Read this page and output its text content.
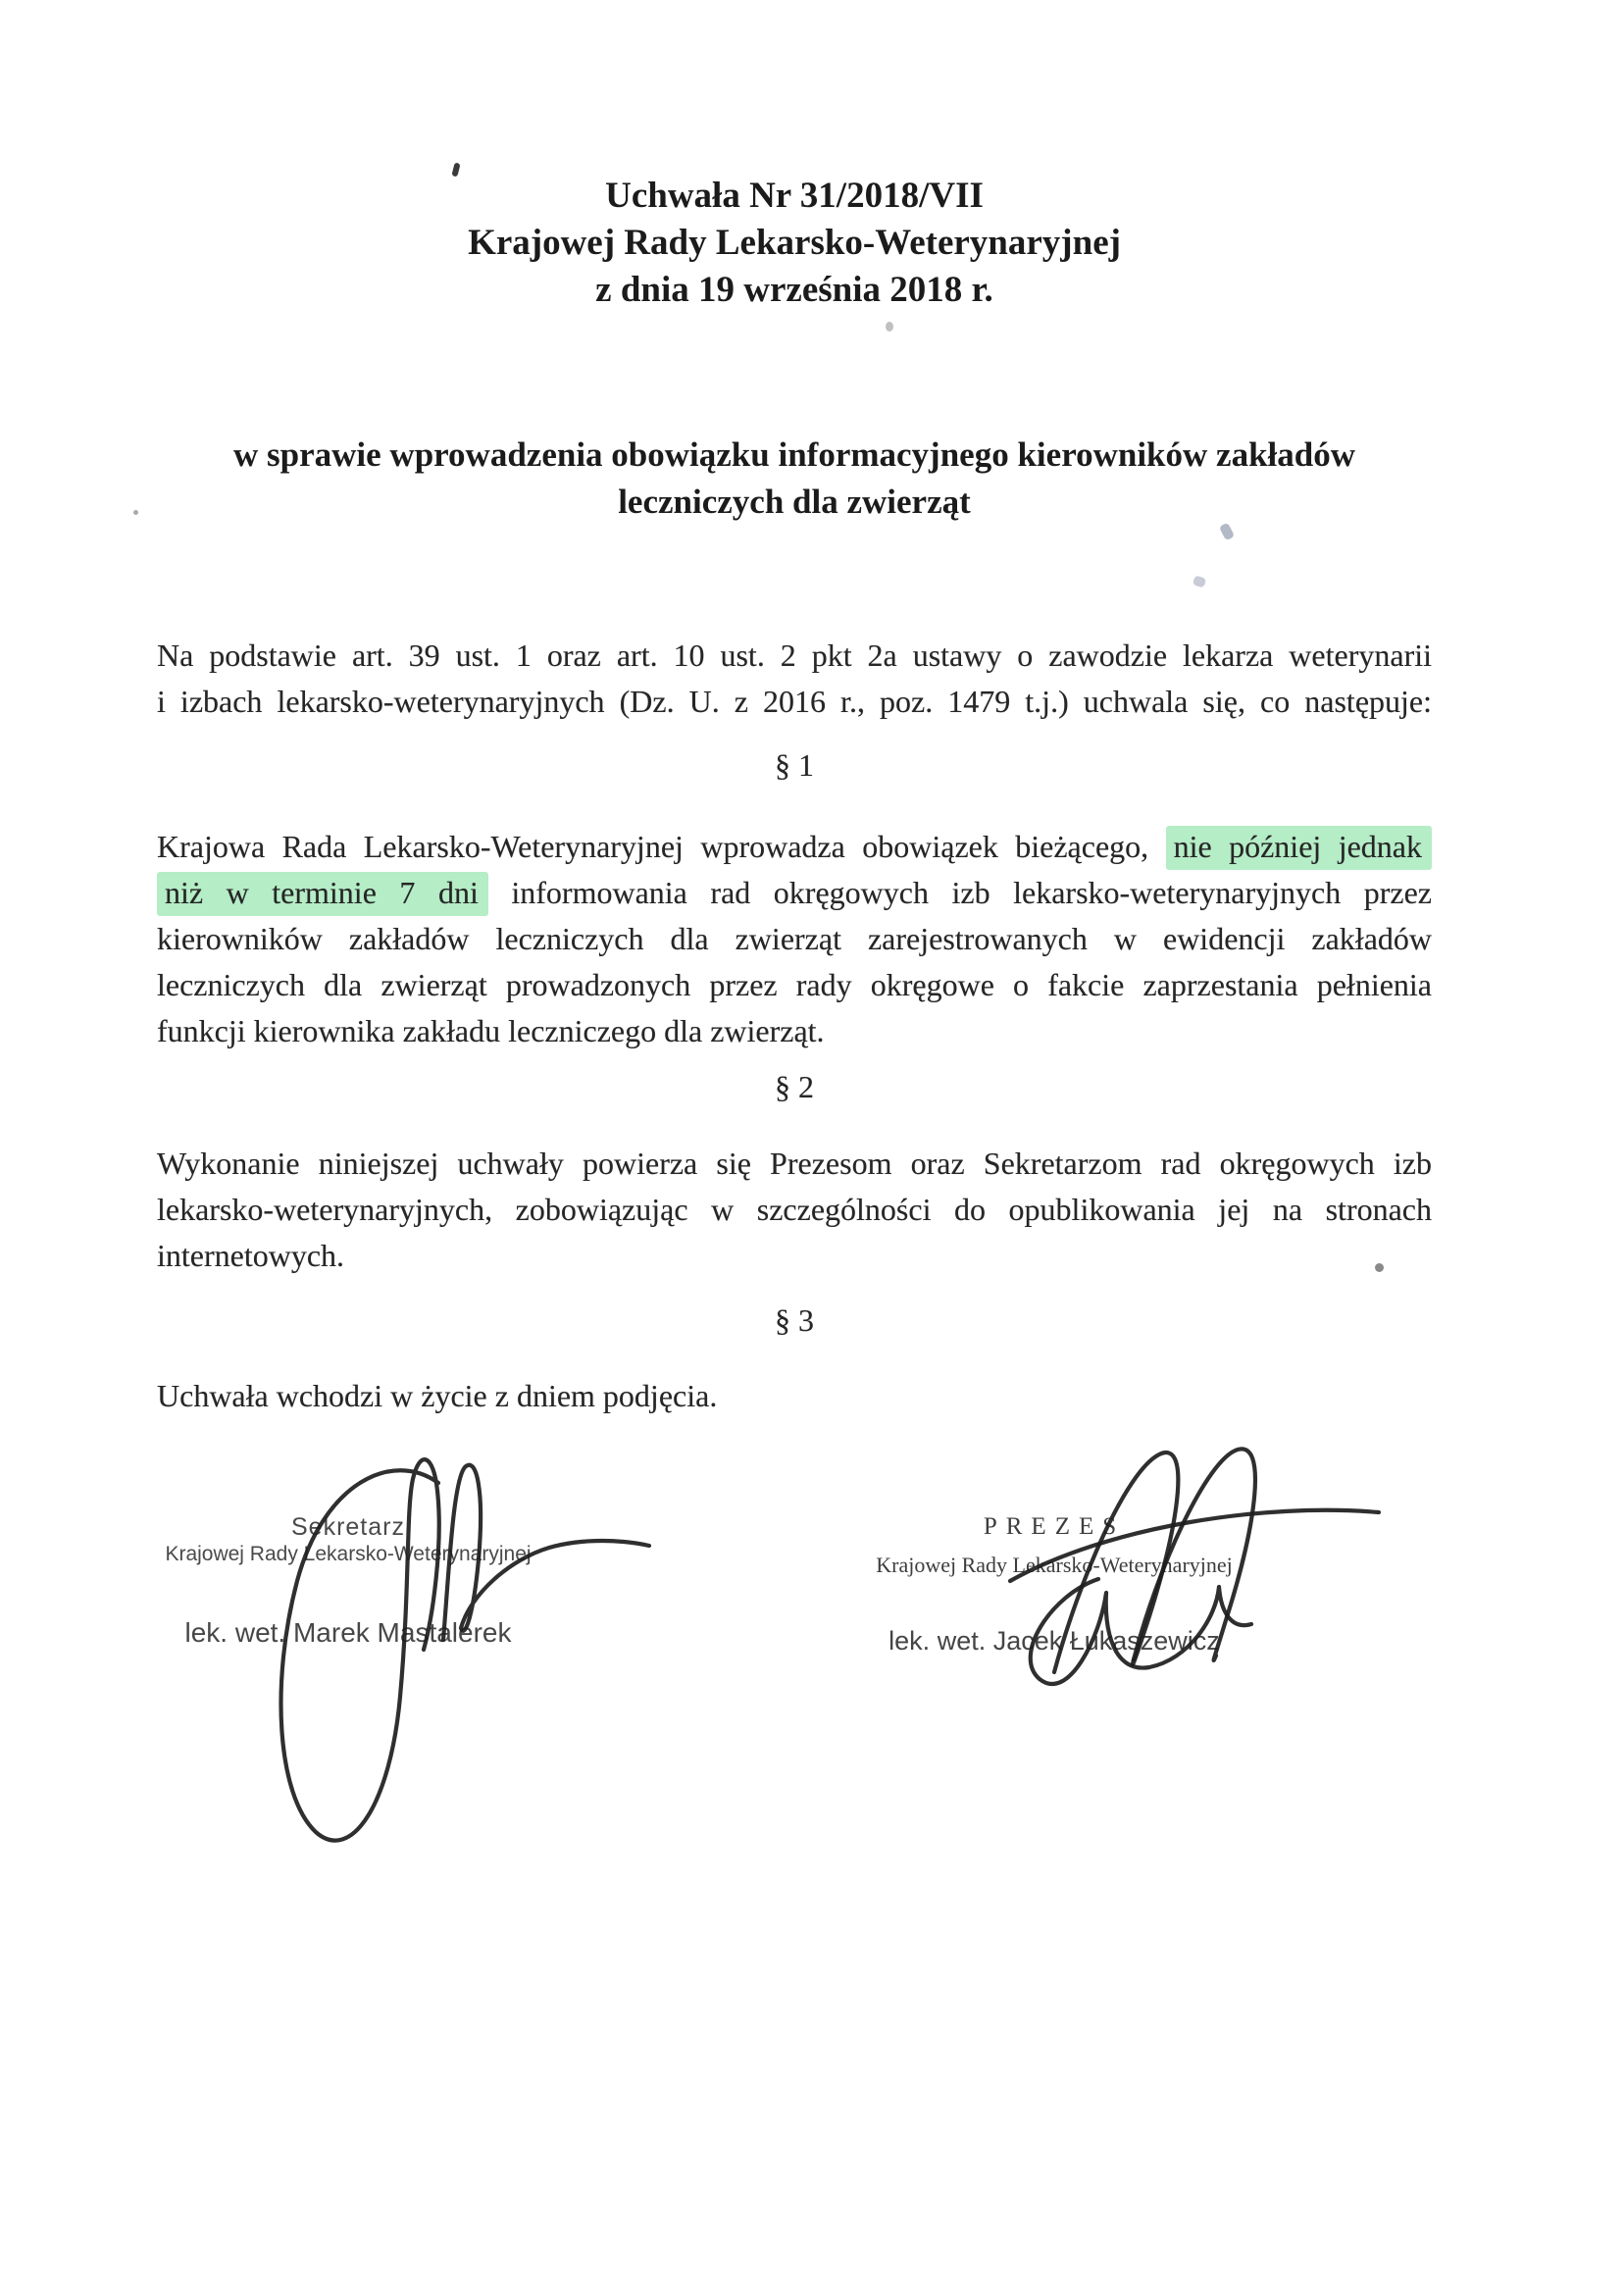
Uchwała Nr 31/2018/VII
Krajowej Rady Lekarsko-Weterynaryjnej
z dnia 19 września 2018 r.
w sprawie wprowadzenia obowiązku informacyjnego kierowników zakładów
leczniczych dla zwierząt
Na podstawie art. 39 ust. 1 oraz art. 10 ust. 2 pkt 2a ustawy o zawodzie lekarza weterynarii
i izbach lekarsko-weterynaryjnych (Dz. U. z 2016 r., poz. 1479 t.j.) uchwala się, co następuje:
§ 1
Krajowa Rada Lekarsko-Weterynaryjnej wprowadza obowiązek bieżącego, nie później jednak
niż w terminie 7 dni informowania rad okręgowych izb lekarsko-weterynaryjnych przez
kierowników zakładów leczniczych dla zwierząt zarejestrowanych w ewidencji zakładów
leczniczych dla zwierząt prowadzonych przez rady okręgowe o fakcie zaprzestania pełnienia
funkcji kierownika zakładu leczniczego dla zwierząt.
§ 2
Wykonanie niniejszej uchwały powierza się Prezesom oraz Sekretarzom rad okręgowych izb
lekarsko-weterynaryjnych, zobowiązując w szczególności do opublikowania jej na stronach
internetowych.
§ 3
Uchwała wchodzi w życie z dniem podjęcia.
Sekretarz
Krajowej Rady Lekarsko-Weterynaryjnej
lek. wet. Marek Mastalerek
PREZES
Krajowej Rady Lekarsko-Weterynaryjnej
lek. wet. Jacek Łukaszewicz
